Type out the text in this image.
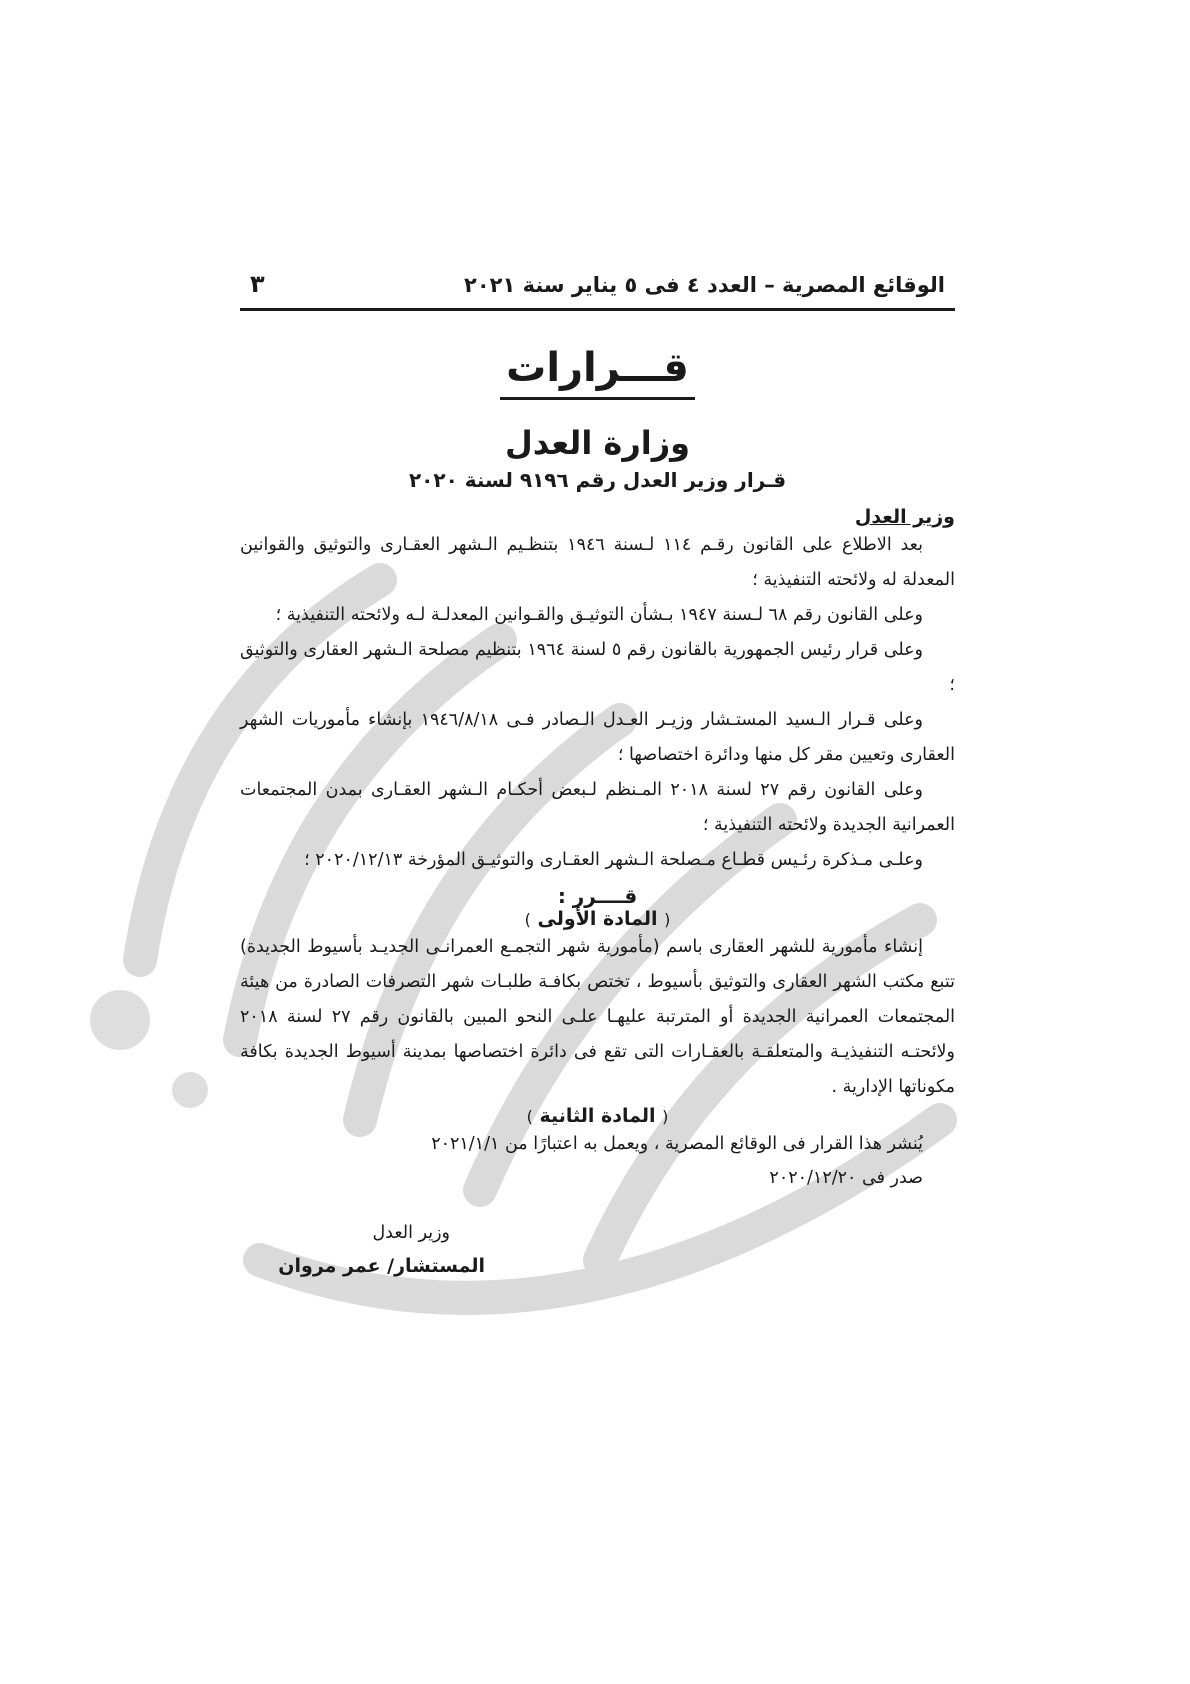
الوقائع المصرية – العدد ٤ فى ٥ يناير سنة ٢٠٢١
٣
قـــرارات
وزارة العدل
قـرار وزير العدل رقم ٩١٩٦ لسنة ٢٠٢٠
وزير العدل

بعد الاطلاع على القانون رقـم ١١٤ لـسنة ١٩٤٦ بتنظـيم الـشهر العقـارى والتوثيق والقوانين المعدلة له ولائحته التنفيذية ؛

وعلى القانون رقم ٦٨ لـسنة ١٩٤٧ بـشأن التوثيـق والقـوانين المعدلـة لـه ولائحته التنفيذية ؛

وعلى قرار رئيس الجمهورية بالقانون رقم ٥ لسنة ١٩٦٤ بتنظيم مصلحة الـشهر العقارى والتوثيق ؛

وعلى قـرار الـسيد المستـشار وزيـر العـدل الـصادر فـى ١٩٤٦/٨/١٨ بإنشاء مأموريات الشهر العقارى وتعيين مقر كل منها ودائرة اختصاصها ؛

وعلى القانون رقم ٢٧ لسنة ٢٠١٨ المـنظم لـبعض أحكـام الـشهر العقـارى بمدن المجتمعات العمرانية الجديدة ولائحته التنفيذية ؛

وعلـى مـذكرة رئـيس قطـاع مـصلحة الـشهر العقـارى والتوثيـق المؤرخة ٢٠٢٠/١٢/١٣ ؛

قــــرر :

( المادة الأولى )

إنشاء مأمورية للشهر العقارى باسم (مأمورية شهر التجمـع العمرانـى الجديـد بأسيوط الجديدة) تتبع مكتب الشهر العقارى والتوثيق بأسيوط ، تختص بكافـة طلبـات شهر التصرفات الصادرة من هيئة المجتمعات العمرانية الجديدة أو المترتبة عليهـا علـى النحو المبين بالقانون رقم ٢٧ لسنة ٢٠١٨ ولائحتـه التنفيذيـة والمتعلقـة بالعقـارات التى تقع فى دائرة اختصاصها بمدينة أسيوط الجديدة بكافة مكوناتها الإدارية .

( المادة الثانية )

يُنشر هذا القرار فى الوقائع المصرية ، ويعمل به اعتبارًا من ٢٠٢١/١/١

صدر فى ٢٠٢٠/١٢/٢٠

وزير العدل
المستشار/ عمر مروان
